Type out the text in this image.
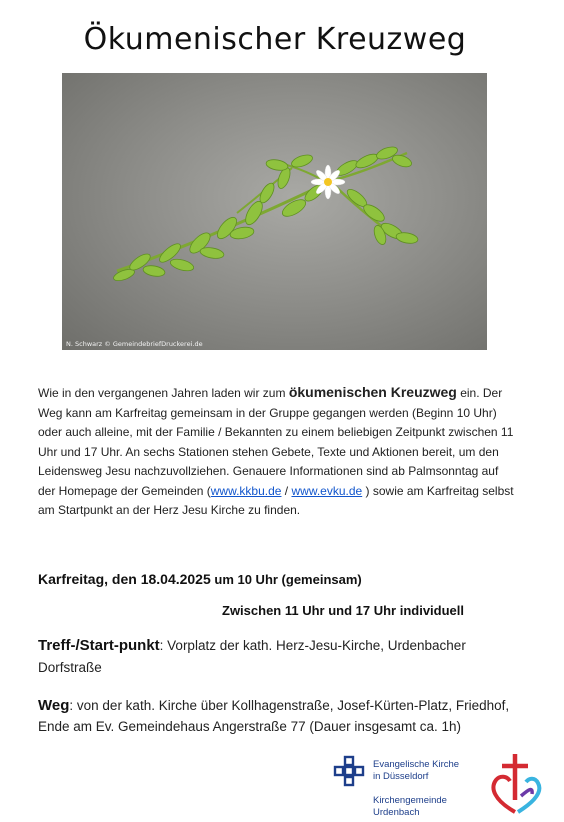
Ökumenischer Kreuzweg
N. Schwarz © GemeindebriefDruckerei.de
Wie in den vergangenen Jahren laden wir zum ökumenischen Kreuzweg ein. Der Weg kann am Karfreitag gemeinsam in der Gruppe gegangen werden (Beginn 10 Uhr) oder auch alleine, mit der Familie / Bekannten zu einem beliebigen Zeitpunkt zwischen 11 Uhr und 17 Uhr. An sechs Stationen stehen Gebete, Texte und Aktionen bereit, um den Leidensweg Jesu nachzuvollziehen. Genauere Informationen sind ab Palmsonntag auf der Homepage der Gemeinden (www.kkbu.de / www.evku.de ) sowie am Karfreitag selbst am Startpunkt an der Herz Jesu Kirche zu finden.
Karfreitag, den 18.04.2025 um 10 Uhr (gemeinsam)
Zwischen 11 Uhr und 17 Uhr individuell
Treff-/Start-punkt: Vorplatz der kath. Herz-Jesu-Kirche, Urdenbacher Dorfstraße
Weg: von der kath. Kirche über Kollhagenstraße, Josef-Kürten-Platz, Friedhof, Ende am Ev. Gemeindehaus Angerstraße 77 (Dauer insgesamt ca. 1h)
Evangelische Kirche
in Düsseldorf
Kirchengemeinde
Urdenbach
